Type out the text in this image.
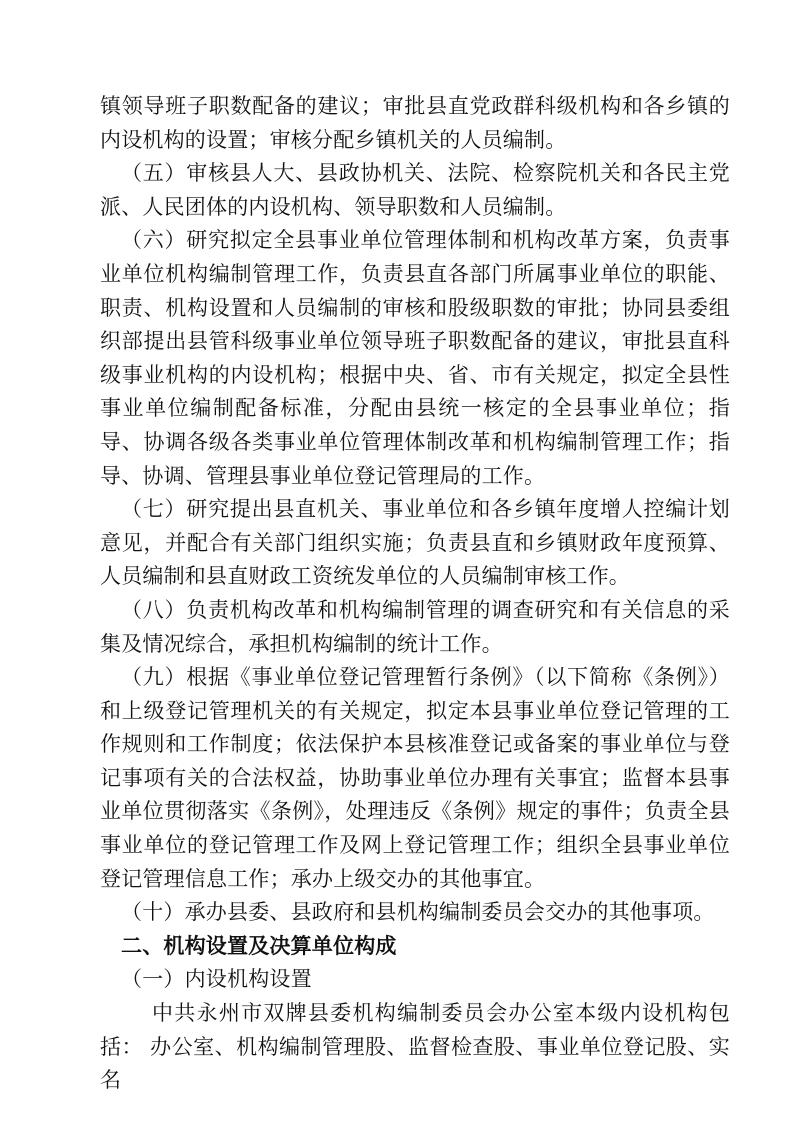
镇领导班子职数配备的建议；审批县直党政群科级机构和各乡镇的内设机构的设置；审核分配乡镇机关的人员编制。

（五）审核县人大、县政协机关、法院、检察院机关和各民主党派、人民团体的内设机构、领导职数和人员编制。

（六）研究拟定全县事业单位管理体制和机构改革方案，负责事业单位机构编制管理工作，负责县直各部门所属事业单位的职能、职责、机构设置和人员编制的审核和股级职数的审批；协同县委组织部提出县管科级事业单位领导班子职数配备的建议，审批县直科级事业机构的内设机构；根据中央、省、市有关规定，拟定全县性事业单位编制配备标准，分配由县统一核定的全县事业单位；指导、协调各级各类事业单位管理体制改革和机构编制管理工作；指导、协调、管理县事业单位登记管理局的工作。

（七）研究提出县直机关、事业单位和各乡镇年度增人控编计划意见，并配合有关部门组织实施；负责县直和乡镇财政年度预算、人员编制和县直财政工资统发单位的人员编制审核工作。

（八）负责机构改革和机构编制管理的调查研究和有关信息的采集及情况综合，承担机构编制的统计工作。

（九）根据《事业单位登记管理暂行条例》（以下简称《条例》）和上级登记管理机关的有关规定，拟定本县事业单位登记管理的工作规则和工作制度；依法保护本县核准登记或备案的事业单位与登记事项有关的合法权益，协助事业单位办理有关事宜；监督本县事业单位贯彻落实《条例》，处理违反《条例》规定的事件；负责全县事业单位的登记管理工作及网上登记管理工作；组织全县事业单位登记管理信息工作；承办上级交办的其他事宜。

（十）承办县委、县政府和县机构编制委员会交办的其他事项。

二、机构设置及决算单位构成

（一）内设机构设置

中共永州市双牌县委机构编制委员会办公室本级内设机构包括： 办公室、机构编制管理股、监督检查股、事业单位登记股、实名
